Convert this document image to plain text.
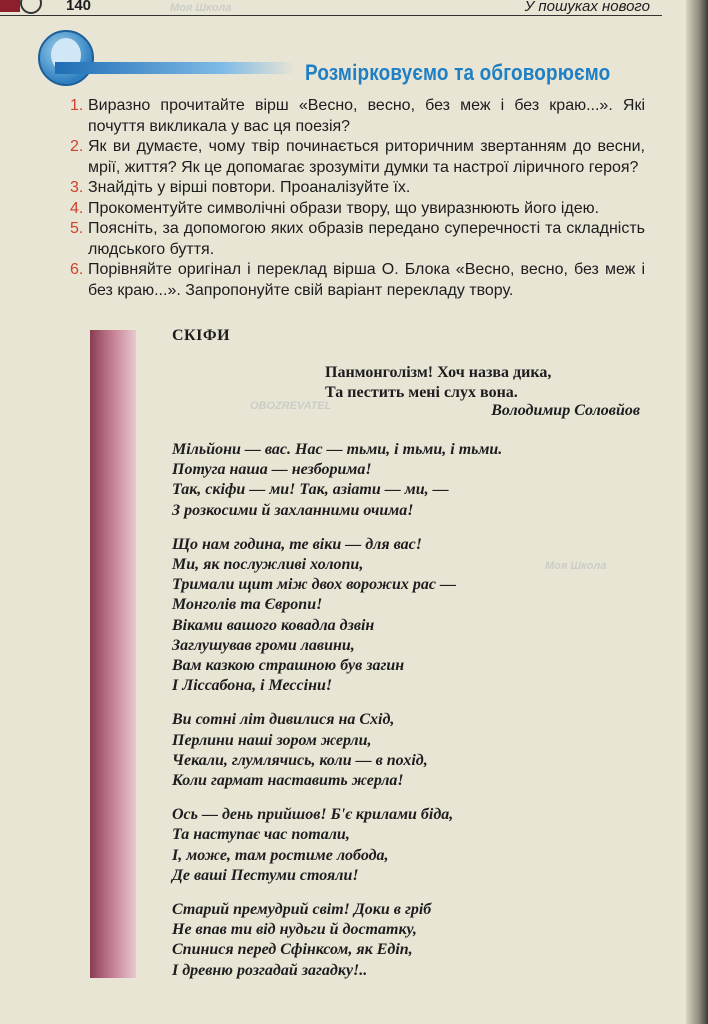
140	У пошуках нового
Розмірковуємо та обговорюємо
1. Виразно прочитайте вірш «Весно, весно, без меж і без краю...». Які почуття викликала у вас ця поезія?
2. Як ви думаєте, чому твір починається риторичним звертанням до весни, мрії, життя? Як це допомагає зрозуміти думки та настрої ліричного героя?
3. Знайдіть у вірші повтори. Проаналізуйте їх.
4. Прокоментуйте символічні образи твору, що увиразнюють його ідею.
5. Поясніть, за допомогою яких образів передано суперечності та складність людського буття.
6. Порівняйте оригінал і переклад вірша О. Блока «Весно, весно, без меж і без краю...». Запропонуйте свій варіант перекладу твору.
СКІФИ
Панмонголізм! Хоч назва дика,
Та пестить мені слух вона.
Володимир Соловйов
Мільйони — вас. Нас — тьми, і тьми, і тьми.
Потуга наша — незборима!
Так, скіфи — ми! Так, азіати — ми, —
З розкосими й захланними очима!
Що нам година, те віки — для вас!
Ми, як послужливі холопи,
Тримали щит між двох ворожих рас —
Монголів та Європи!
Віками вашого ковадла дзвін
Заглушував громи лавини,
Вам казкою страшною був загин
І Ліссабона, і Мессіни!
Ви сотні літ дивилися на Схід,
Перлини наші зором жерли,
Чекали, глумлячись, коли — в похід,
Коли гармат наставить жерла!
Ось — день прийшов! Б'є крилами біда,
Та наступає час потали,
І, може, там ростиме лобода,
Де ваші Пестуми стояли!
Старий премудрий світ! Доки в гріб
Не впав ти від нудьги й достатку,
Спинися перед Сфінксом, як Едіп,
І древню розгадай загадку!..
Моя Школа
OBOZREVATEL
Моя Школа
